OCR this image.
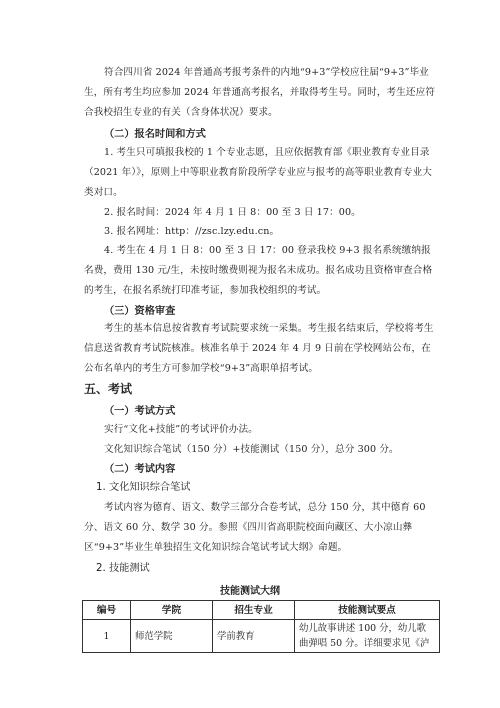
符合四川省 2024 年普通高考报考条件的内地“9+3”学校应往届“9+3”毕业生，所有考生均应参加 2024 年普通高考报名，并取得考生号。同时，考生还应符合我校招生专业的有关（含身体状况）要求。

（二）报名时间和方式

1. 考生只可填报我校的 1 个专业志愿，且应依据教育部《职业教育专业目录（2021 年）》，原则上中等职业教育阶段所学专业应与报考的高等职业教育专业大类对口。

2. 报名时间：2024 年 4 月 1 日 8：00 至 3 日 17：00。

3. 报名网址：http：//zsc.lzy.edu.cn。

4. 考生在 4 月 1 日 8：00 至 3 日 17：00 登录我校 9+3 报名系统缴纳报名费，费用 130 元/生，未按时缴费则视为报名未成功。报名成功且资格审查合格的考生，在报名系统打印准考证，参加我校组织的考试。

（三）资格审查

考生的基本信息按省教育考试院要求统一采集。考生报名结束后，学校将考生信息送省教育考试院核准。核准名单于 2024 年 4 月 9 日前在学校网站公布，在公布名单内的考生方可参加学校“9+3”高职单招考试。

五、考试

（一）考试方式

实行“文化+技能”的考试评价办法。

文化知识综合笔试（150 分）+技能测试（150 分），总分 300 分。

（二）考试内容

1. 文化知识综合笔试

考试内容为德育、语文、数学三部分合卷考试，总分 150 分，其中德育 60 分、语文 60 分、数学 30 分。参照《四川省高职院校面向藏区、大小凉山彝区“9+3”毕业生单独招生文化知识综合笔试考试大纲》命题。

2. 技能测试

技能测试大纲
编号	学院	招生专业	技能测试要点
1	师范学院	学前教育	幼儿故事讲述 100 分，幼儿歌曲弹唱 50 分。详细要求见《泸
